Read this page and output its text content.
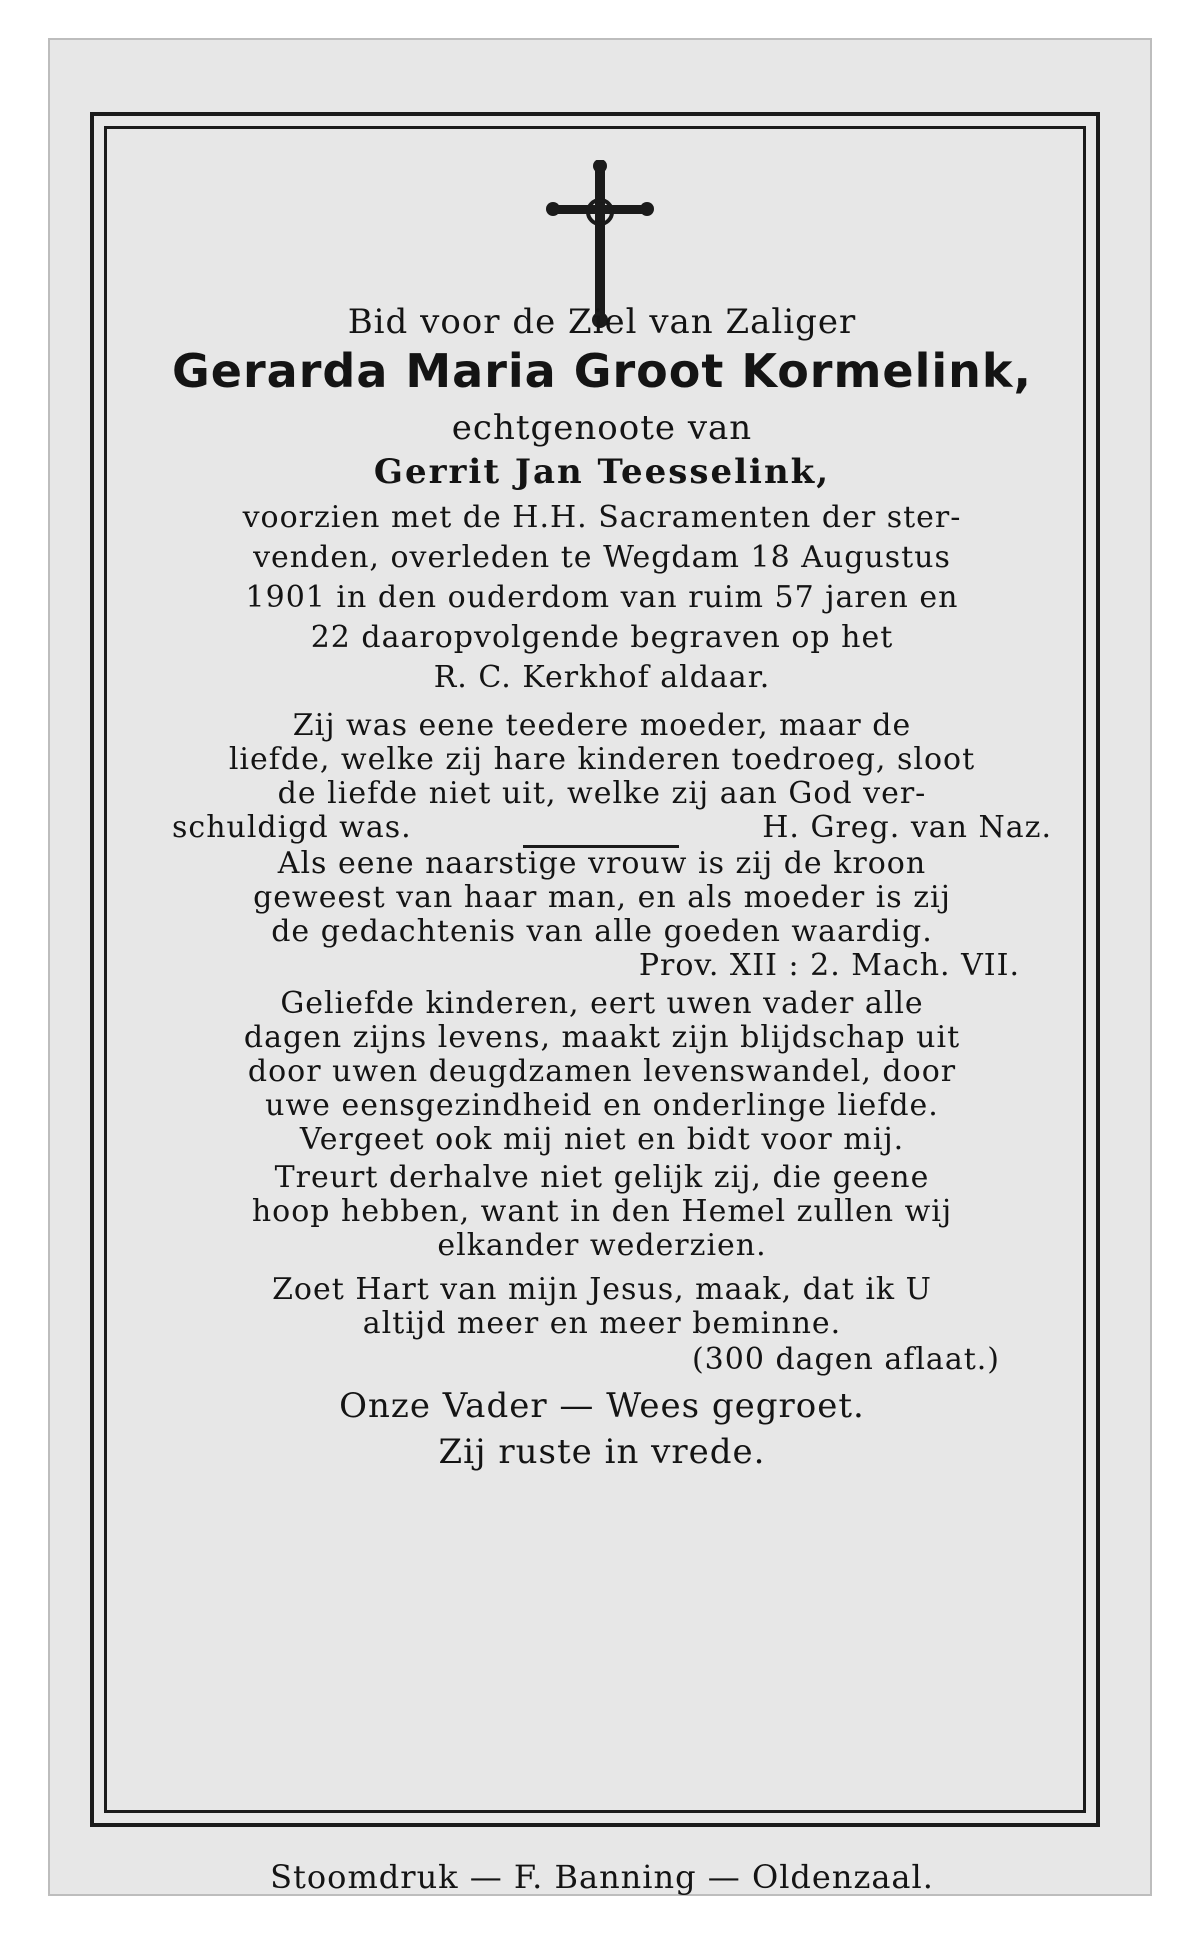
Bid voor de Ziel van Zaliger
Gerarda Maria Groot Kormelink,
echtgenoote van
Gerrit Jan Teesselink,
voorzien met de H.H. Sacramenten der ster-
venden, overleden te Wegdam 18 Augustus
1901 in den ouderdom van ruim 57 jaren en
22 daaropvolgende begraven op het
R. C. Kerkhof aldaar.
Zij was eene teedere moeder, maar de
liefde, welke zij hare kinderen toedroeg, sloot
de liefde niet uit, welke zij aan God ver-
schuldigd was.	H. Greg. van Naz.
Als eene naarstige vrouw is zij de kroon
geweest van haar man, en als moeder is zij
de gedachtenis van alle goeden waardig.
Prov. XII : 2. Mach. VII.
Geliefde kinderen, eert uwen vader alle
dagen zijns levens, maakt zijn blijdschap uit
door uwen deugdzamen levenswandel, door
uwe eensgezindheid en onderlinge liefde.
Vergeet ook mij niet en bidt voor mij.
Treurt derhalve niet gelijk zij, die geene
hoop hebben, want in den Hemel zullen wij
elkander wederzien.
Zoet Hart van mijn Jesus, maak, dat ik U
altijd meer en meer beminne.
(300 dagen aflaat.)
Onze Vader — Wees gegroet.
Zij ruste in vrede.
Stoomdruk — F. Banning — Oldenzaal.
